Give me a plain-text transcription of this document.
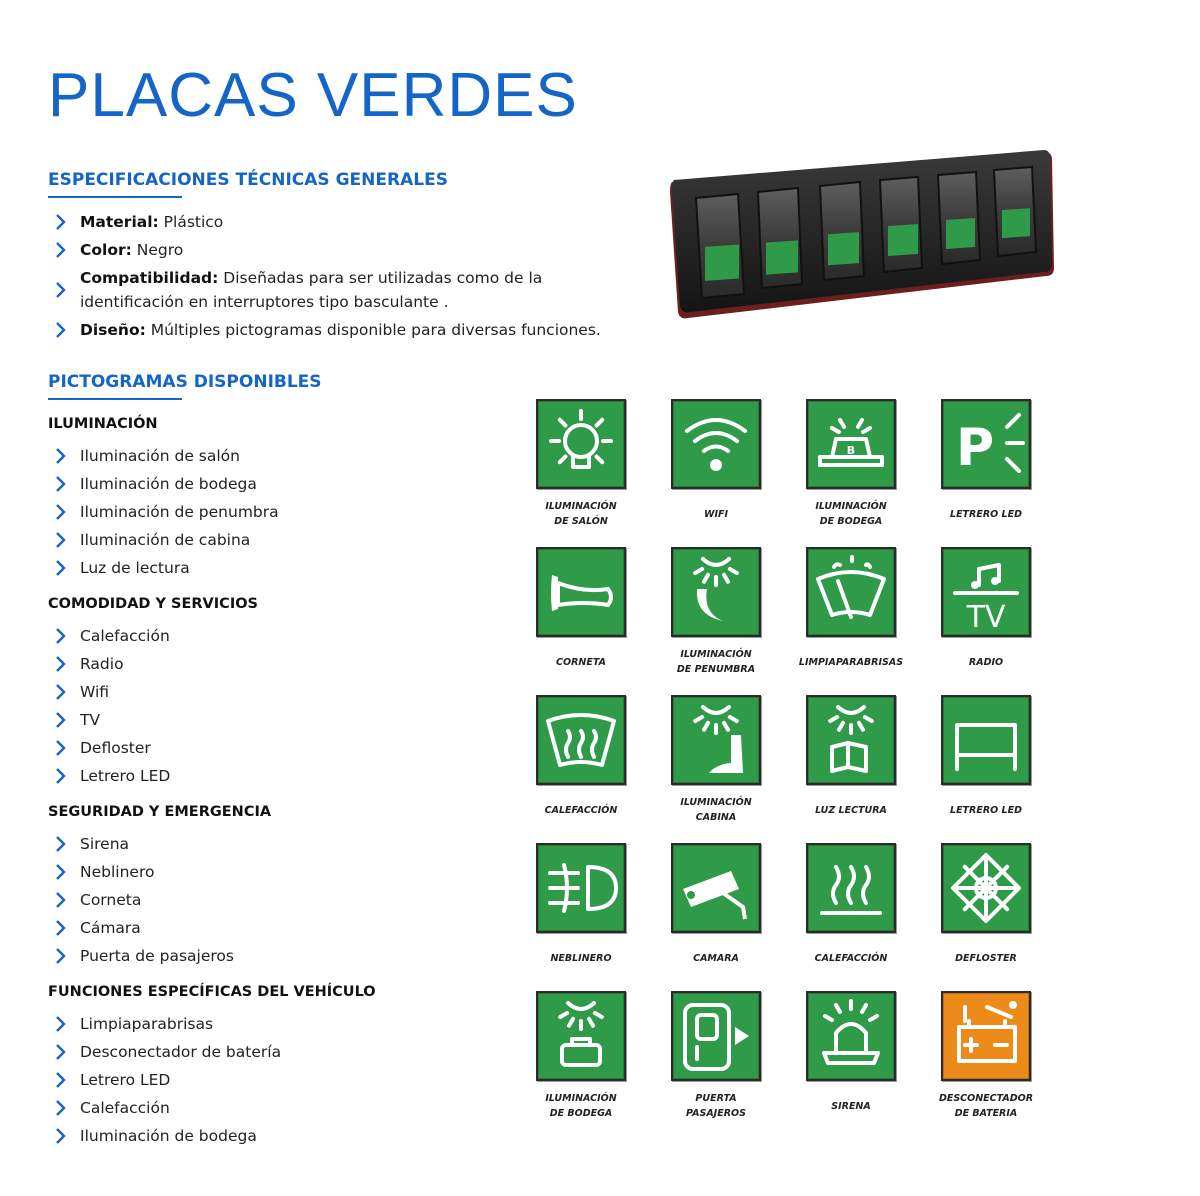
PLACAS VERDES
ESPECIFICACIONES TÉCNICAS GENERALES
Material: Plástico
Color: Negro
Compatibilidad: Diseñadas para ser utilizadas como de la identificación en interruptores tipo basculante .
Diseño: Múltiples pictogramas disponible para diversas funciones.
PICTOGRAMAS DISPONIBLES
ILUMINACIÓN
Iluminación de salón
Iluminación de bodega
Iluminación de penumbra
Iluminación de cabina
Luz de lectura
COMODIDAD Y SERVICIOS
Calefacción
Radio
Wifi
TV
Defloster
Letrero LED
SEGURIDAD Y EMERGENCIA
Sirena
Neblinero
Corneta
Cámara
Puerta de pasajeros
FUNCIONES ESPECÍFICAS DEL VEHÍCULO
Limpiaparabrisas
Desconectador de batería
Letrero LED
Calefacción
Iluminación de bodega
ILUMINACIÓN
DE SALÓN
WIFI
B
ILUMINACIÓN
DE BODEGA
P
LETRERO LED
CORNETA
ILUMINACIÓN
DE PENUMBRA
LIMPIAPARABRISAS
TV
RADIO
CALEFACCIÓN
ILUMINACIÓN
CABINA
LUZ LECTURA	LETRERO LED
NEBLINERO	CAMARA	CALEFACCIÓN	DEFLOSTER
ILUMINACIÓN
DE BODEGA
PUERTA
PASAJEROS
SIRENA
DESCONECTADOR
DE BATERIA
